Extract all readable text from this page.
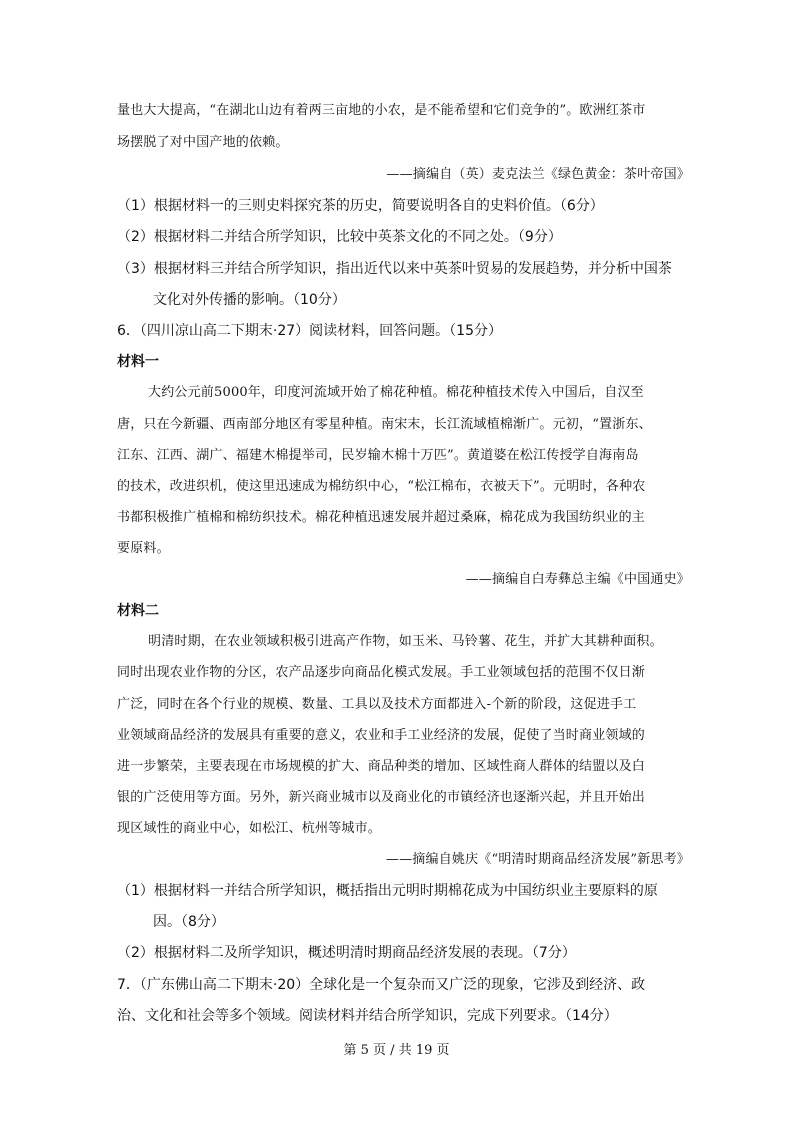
量也大大提高，“在湖北山边有着两三亩地的小农，是不能希望和它们竞争的”。欧洲红茶市
场摆脱了对中国产地的依赖。
——摘编自（英）麦克法兰《绿色黄金：茶叶帝国》
（1）根据材料一的三则史料探究茶的历史，简要说明各自的史料价值。（6分）
（2）根据材料二并结合所学知识，比较中英茶文化的不同之处。（9分）
（3）根据材料三并结合所学知识，指出近代以来中英茶叶贸易的发展趋势，并分析中国茶
文化对外传播的影响。（10分）
6．（四川凉山高二下期末·27）阅读材料，回答问题。（15分）
材料一
大约公元前5000年，印度河流域开始了棉花种植。棉花种植技术传入中国后，自汉至
唐，只在今新疆、西南部分地区有零星种植。南宋末，长江流域植棉渐广。元初，“置浙东、
江东、江西、湖广、福建木棉提举司，民岁输木棉十万匹”。黄道婆在松江传授学自海南岛
的技术，改进织机，使这里迅速成为棉纺织中心，“松江棉布，衣被天下”。元明时，各种农
书都积极推广植棉和棉纺织技术。棉花种植迅速发展并超过桑麻，棉花成为我国纺织业的主
要原料。
——摘编自白寿彝总主编《中国通史》
材料二
明清时期，在农业领域积极引进高产作物，如玉米、马铃薯、花生，并扩大其耕种面积。
同时出现农业作物的分区，农产品逐步向商品化模式发展。手工业领域包括的范围不仅日渐
广泛，同时在各个行业的规模、数量、工具以及技术方面都进入-个新的阶段，这促进手工
业领域商品经济的发展具有重要的意义，农业和手工业经济的发展，促使了当时商业领域的
进一步繁荣，主要表现在市场规模的扩大、商品种类的增加、区域性商人群体的结盟以及白
银的广泛使用等方面。另外，新兴商业城市以及商业化的市镇经济也逐渐兴起，并且开始出
现区域性的商业中心，如松江、杭州等城市。
——摘编自姚庆《“明清时期商品经济发展”新思考》
（1）根据材料一并结合所学知识，概括指出元明时期棉花成为中国纺织业主要原料的原
因。（8分）
（2）根据材料二及所学知识，概述明清时期商品经济发展的表现。（7分）
7．（广东佛山高二下期末·20）全球化是一个复杂而又广泛的现象，它涉及到经济、政
治、文化和社会等多个领域。阅读材料并结合所学知识，完成下列要求。（14分）
第 5 页 / 共 19 页
